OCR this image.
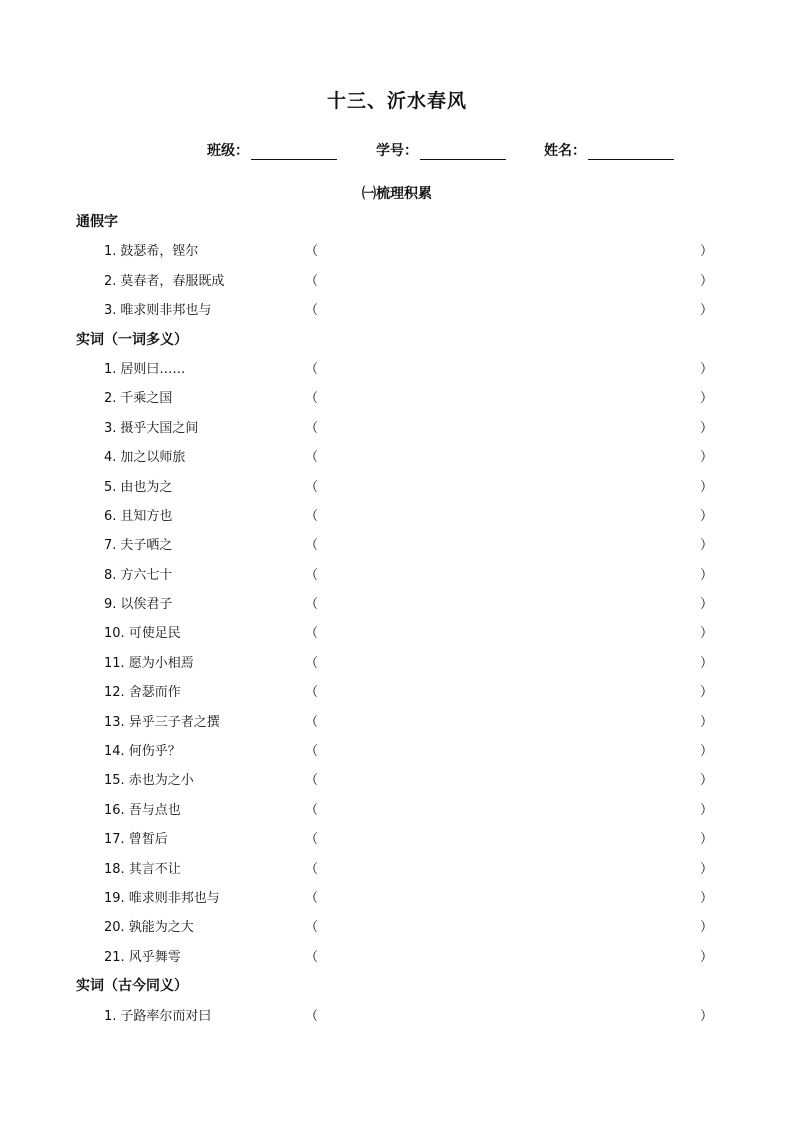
十三、沂水春风
班级：	学号：	姓名：
㈠梳理积累
通假字
1. 鼓瑟希，铿尔	（	）
2. 莫春者，春服既成	（	）
3. 唯求则非邦也与	（	）
实词（一词多义）
1. 居则曰……	（	）
2. 千乘之国	（	）
3. 摄乎大国之间	（	）
4. 加之以师旅	（	）
5. 由也为之	（	）
6. 且知方也	（	）
7. 夫子哂之	（	）
8. 方六七十	（	）
9. 以俟君子	（	）
10. 可使足民	（	）
11. 愿为小相焉	（	）
12. 舍瑟而作	（	）
13. 异乎三子者之撰	（	）
14. 何伤乎？	（	）
15. 赤也为之小	（	）
16. 吾与点也	（	）
17. 曾皙后	（	）
18. 其言不让	（	）
19. 唯求则非邦也与	（	）
20. 孰能为之大	（	）
21. 风乎舞雩	（	）
实词（古今同义）
1. 子路率尔而对曰	（	）
